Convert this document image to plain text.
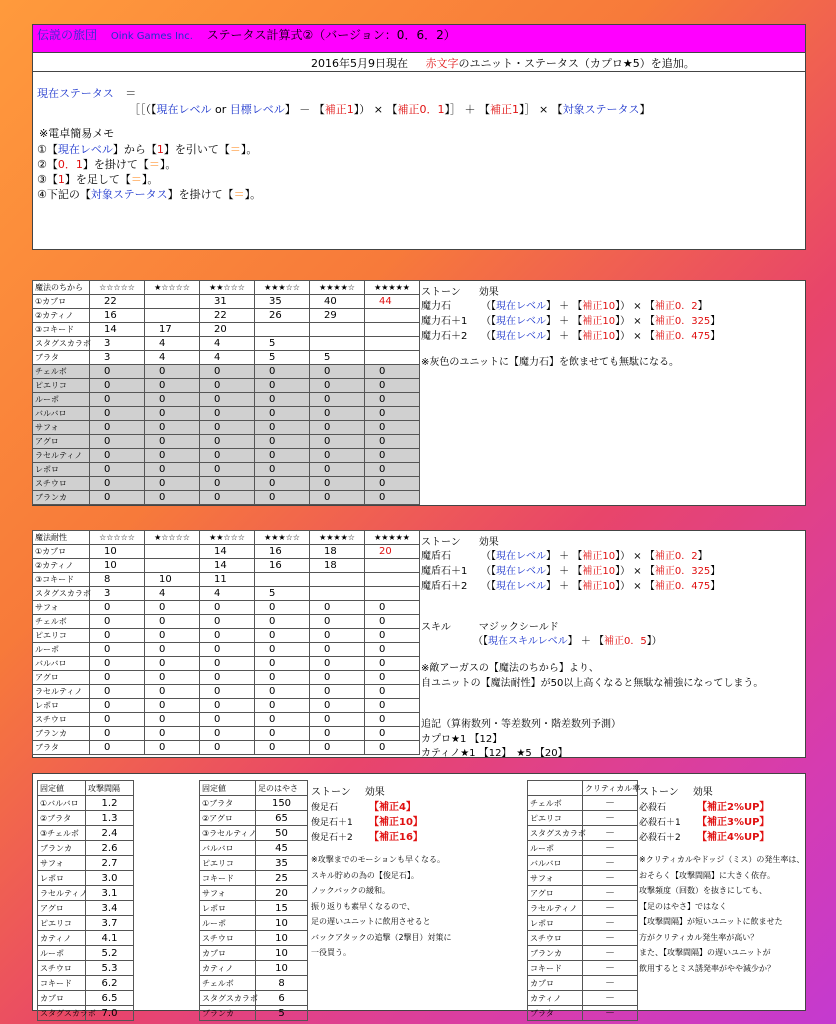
伝説の旅団 Oink Games Inc. ステータス計算式②（バージョン：0．6．2）
2016年5月9日現在 赤文字のユニット・ステータス（カプロ★5）を追加。
現在ステータス ＝
［［（【現在レベル or 目標レベル】 － 【補正1】） × 【補正0．1】］ ＋ 【補正1】］ × 【対象ステータス】
※電卓簡易メモ
①【現在レベル】から【1】を引いて【＝】。
②【0．1】を掛けて【＝】。
③【1】を足して【＝】。
④下記の【対象ステータス】を掛けて【＝】。
魔法のちから	☆☆☆☆☆	★☆☆☆☆	★★☆☆☆	★★★☆☆	★★★★☆	★★★★★
①カプロ	22		31	35	40	44
②カティノ	16		22	26	29	
③コキード	14	17	20			
スタグスカラボ	3	4	4	5		
ブラタ	3	4	4	5	5	
チェルボ	0	0	0	0	0	0
ピエリコ	0	0	0	0	0	0
ルーポ	0	0	0	0	0	0
バルバロ	0	0	0	0	0	0
サフォ	0	0	0	0	0	0
アグロ	0	0	0	0	0	0
ラセルティノ	0	0	0	0	0	0
レポロ	0	0	0	0	0	0
スチウロ	0	0	0	0	0	0
ブランカ	0	0	0	0	0	0
ストーン 効果
※灰色のユニットに【魔力石】を飲ませても無駄になる。
魔力石	（【現在レベル】 ＋ 【補正10】） × 【補正0．2】
魔力石＋1 （【現在レベル】 ＋ 【補正10】） × 【補正0．325】
魔力石＋2 （【現在レベル】 ＋ 【補正10】） × 【補正0．475】
魔法耐性	☆☆☆☆☆	★☆☆☆☆	★★☆☆☆	★★★☆☆	★★★★☆	★★★★★
①カプロ	10		14	16	18	20
②カティノ	10		14	16	18	
③コキード	8	10	11			
スタグスカラボ	3	4	4	5		
サフォ	0	0	0	0	0	0
チェルボ	0	0	0	0	0	0
ピエリコ	0	0	0	0	0	0
ルーポ	0	0	0	0	0	0
バルバロ	0	0	0	0	0	0
アグロ	0	0	0	0	0	0
ラセルティノ	0	0	0	0	0	0
レポロ	0	0	0	0	0	0
スチウロ	0	0	0	0	0	0
ブランカ	0	0	0	0	0	0
ブラタ	0	0	0	0	0	0
ストーン 効果
スキル	マジックシールド
（【現在スキルレベル】 ＋ 【補正0．5】）
※敵アーガスの【魔法のちから】より、
自ユニットの【魔法耐性】が50以上高くなると無駄な補強になってしまう。
追記（算術数列・等差数列・階差数列予測）
カプロ★1 【12】
カティノ★1 【12】　★5 【20】
魔盾石	（【現在レベル】 ＋ 【補正10】） × 【補正0．2】
魔盾石＋1 （【現在レベル】 ＋ 【補正10】） × 【補正0．325】
魔盾石＋2 （【現在レベル】 ＋ 【補正10】） × 【補正0．475】
固定値	攻撃間隔
①バルバロ	1.2
②ブラタ	1.3
③チェルボ	2.4
ブランカ	2.6
サフォ	2.7
レポロ	3.0
ラセルティノ	3.1
アグロ	3.4
ピエリコ	3.7
カティノ	4.1
ルーポ	5.2
スチウロ	5.3
コキード	6.2
カプロ	6.5
スタグスカラボ	7.0
固定値	足のはやさ
①ブラタ	150
②アグロ	65
③ラセルティノ	50
バルバロ	45
ピエリコ	35
コキード	25
サフォ	20
レポロ	15
ルーポ	10
スチウロ	10
カプロ	10
カティノ	10
チェルボ	8
スタグスカラボ	6
ブランカ	5
ストーン 効果
※攻撃までのモーションも早くなる。
スキル貯めの為の【俊足石】。
ノックバックの緩和。
振り返りも素早くなるので、
足の遅いユニットに飲用させると
バックアタックの追撃（2撃目）対策に
一役買う。
	クリティカル率
チェルボ	－
ピエリコ	－
スタグスカラボ	－
ルーポ	－
バルバロ	－
サフォ	－
アグロ	－
ラセルティノ	－
レポロ	－
スチウロ	－
ブランカ	－
コキード	－
カプロ	－
カティノ	－
ブラタ	－
ストーン 効果
※クリティカルやドッジ（ミス）の発生率は、
おそらく【攻撃間隔】に大きく依存。
攻撃頻度（回数）を抜きにしても、
【足のはやさ】ではなく
【攻撃間隔】が短いユニットに飲ませた
方がクリティカル発生率が高い？
また、【攻撃間隔】の遅いユニットが
飲用するとミス誘発率がやや減少か？
俊足石	【補正4】
俊足石＋1 【補正10】
俊足石＋2 【補正16】
必殺石	【補正2%UP】
必殺石＋1 【補正3%UP】
必殺石＋2 【補正4%UP】
